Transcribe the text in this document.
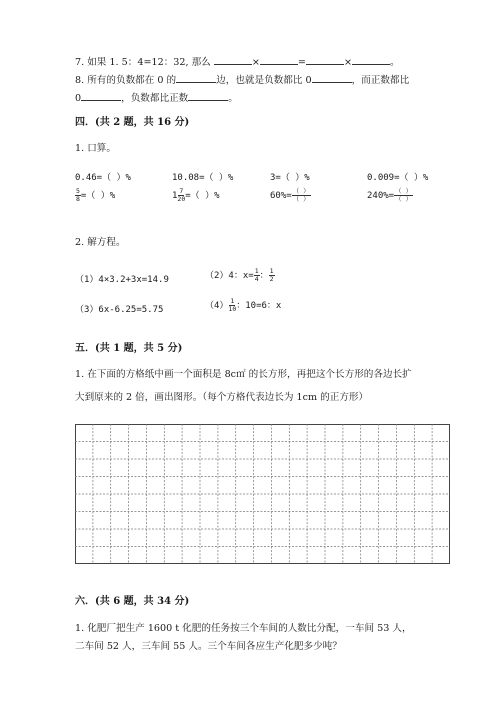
7. 如果 1. 5：4=12：32, 那么	×	=	×	。
8. 所有的负数都在 0 的	边，也就是负数都比 0	，而正数都比
0	，负数都比正数	。
四．(共 2 题，共 16 分)
1. 口算。
0.46=（ ）%	10.08=（ ）%	3=（ ）%	0.009=（ ）%
$\frac{5}{8}$ =（ ）%	$1 \frac{7}{20}$ =（ ）%	$60\%= \frac{( )}{( )}$	$240\%= \frac{( )}{( )}$
2. 解方程。
（1）4×3.2+3x=14.9	（2）4：$x= \frac{1}{4}$ ： $\frac{1}{2}$
（3）6x-6.25=5.75	$(4) \frac{1}{10}$ ：10=6：x
五．(共 1 题，共 5 分)
1. 在下面的方格纸中画一个面积是 8c㎡ 的长方形，再把这个长方形的各边长扩
大到原来的 2 倍，画出图形。（每个方格代表边长为 1cm 的正方形）
六．(共 6 题，共 34 分)
1. 化肥厂把生产 1600 t 化肥的任务按三个车间的人数比分配，一车间 53 人，
二车间 52 人，三车间 55 人。三个车间各应生产化肥多少吨？
